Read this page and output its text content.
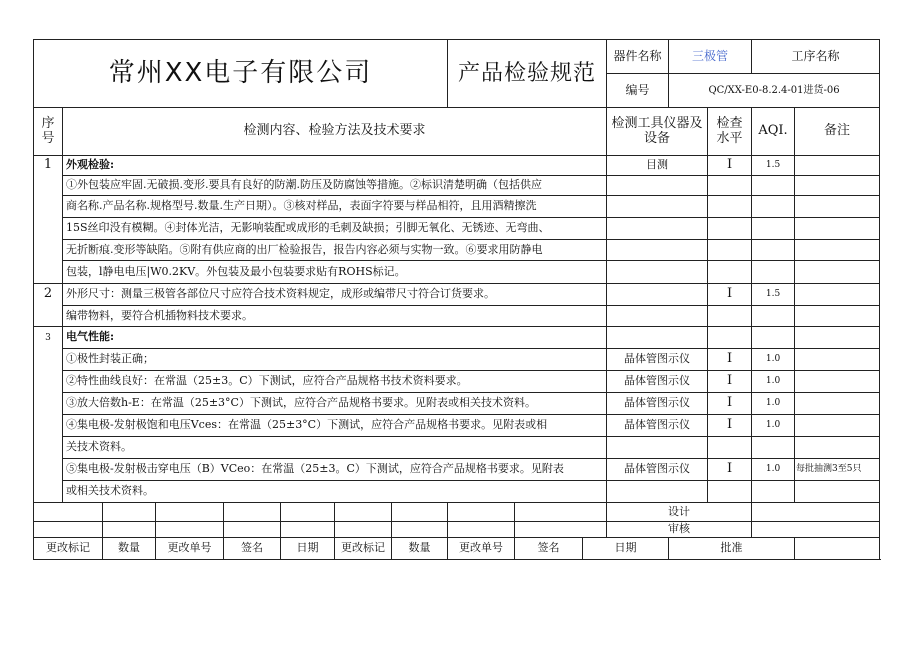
常州XX电子有限公司								产品检验规范			器件名称	三极管		工序名称	
											编号	QC/XX-E0-8.2.4-01进货-06	
序号	检测内容、检验方法及技术要求										检测工具仪器及设备		检查水平	AQI.	备注	
1	外观检验:										目测		I	1.5		
	①外包装应牢固.无破损.变形.要具有良好的防潮.防压及防腐蚀等措施。②标识清楚明确（包括供应															
	商名称.产品名称.规格型号.数量.生产日期）。③核对样品，表面字符要与样品相符，且用酒精擦洗															
	15S丝印没有模糊。④封体光洁，无影响装配或成形的毛刺及缺损；引脚无氧化、无锈迹、无弯曲、															
	无折断痕.变形等缺陷。⑤附有供应商的出厂检验报告，报告内容必须与实物一致。⑥要求用防静电															
	包装，l静电电压|W0.2KV。外包装及最小包装要求贴有ROHS标记。															
2	外形尺寸：测量三极管各部位尺寸应符合技术资料规定，成形或编带尺寸符合订货要求。												I	1.5		
	编带物料，要符合机插物料技术要求。															
3	电气性能:															
	①极性封装正确；										晶体管图示仪		I	1.0		
	②特性曲线良好：在常温（25±3。C）下测试，应符合产品规格书技术资料要求。										晶体管图示仪		I	1.0		
	③放大倍数h-E：在常温（25±3°C）下测试，应符合产品规格书要求。见附表或相关技术资料。										晶体管图示仪		I	1.0		
	④集电极-发射极饱和电压Vces：在常温（25±3°C）下测试，应符合产品规格书要求。见附表或相										晶体管图示仪		I	1.0		
	关技术资料。															
	⑤集电极-发射极击穿电压（B）VCeo：在常温（25±3。C）下测试，应符合产品规格书要求。见附表										晶体管图示仪		I	1.0	每批抽测3至5只	
	或相关技术资料。															
											设计					
											审核					
更改标记		数量	更改单号	签名	日期	更改标记	数量	更改单号	签名	日期		批准				
